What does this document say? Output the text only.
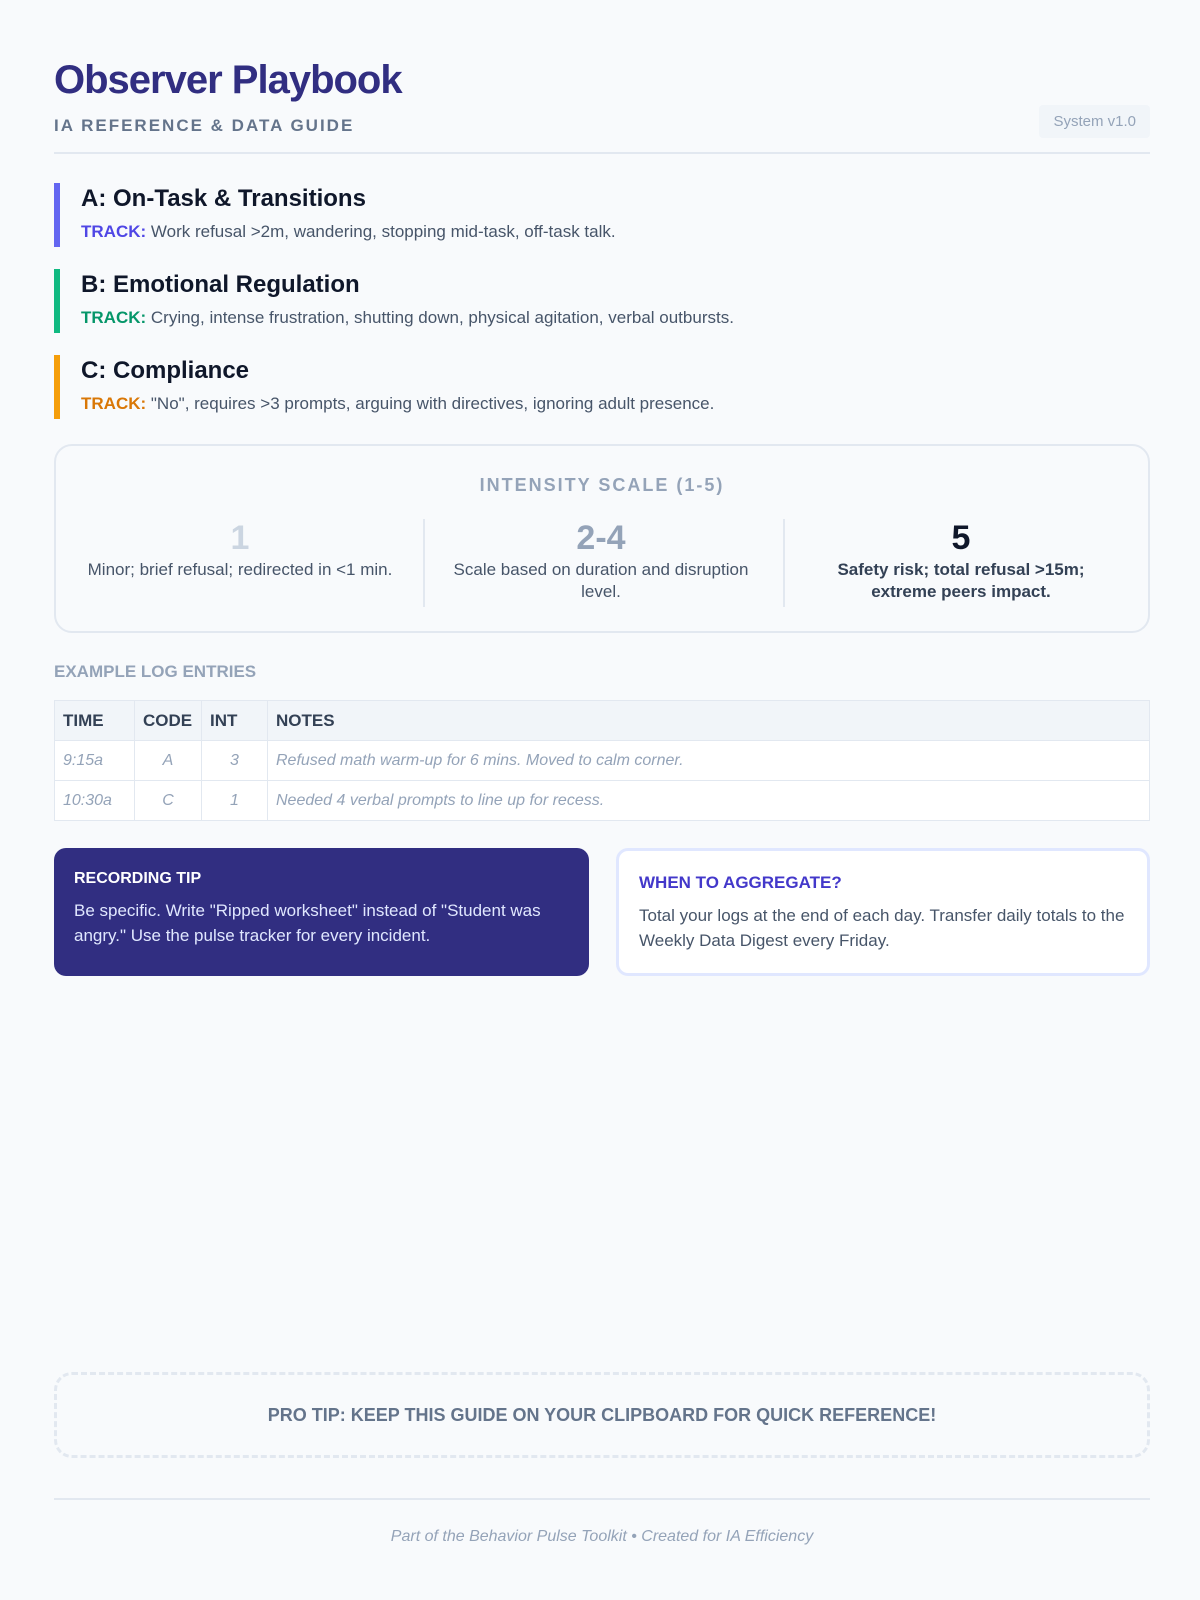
Observer Playbook
IA REFERENCE & DATA GUIDE	System v1.0
A: On-Task & Transitions
TRACK: Work refusal >2m, wandering, stopping mid-task, off-task talk.
B: Emotional Regulation
TRACK: Crying, intense frustration, shutting down, physical agitation, verbal outbursts.
C: Compliance
TRACK: "No", requires >3 prompts, arguing with directives, ignoring adult presence.
INTENSITY SCALE (1-5)
1
Minor; brief refusal; redirected in <1 min.
2-4
Scale based on duration and disruption level.
5
Safety risk; total refusal >15m; extreme peers impact.
EXAMPLE LOG ENTRIES
TIME	CODE	INT	NOTES
9:15a	A	3	Refused math warm-up for 6 mins. Moved to calm corner.
10:30a	C	1	Needed 4 verbal prompts to line up for recess.
RECORDING TIP
Be specific. Write "Ripped worksheet" instead of "Student was angry." Use the pulse tracker for every incident.
WHEN TO AGGREGATE?
Total your logs at the end of each day. Transfer daily totals to the Weekly Data Digest every Friday.
PRO TIP: KEEP THIS GUIDE ON YOUR CLIPBOARD FOR QUICK REFERENCE!
Part of the Behavior Pulse Toolkit • Created for IA Efficiency
